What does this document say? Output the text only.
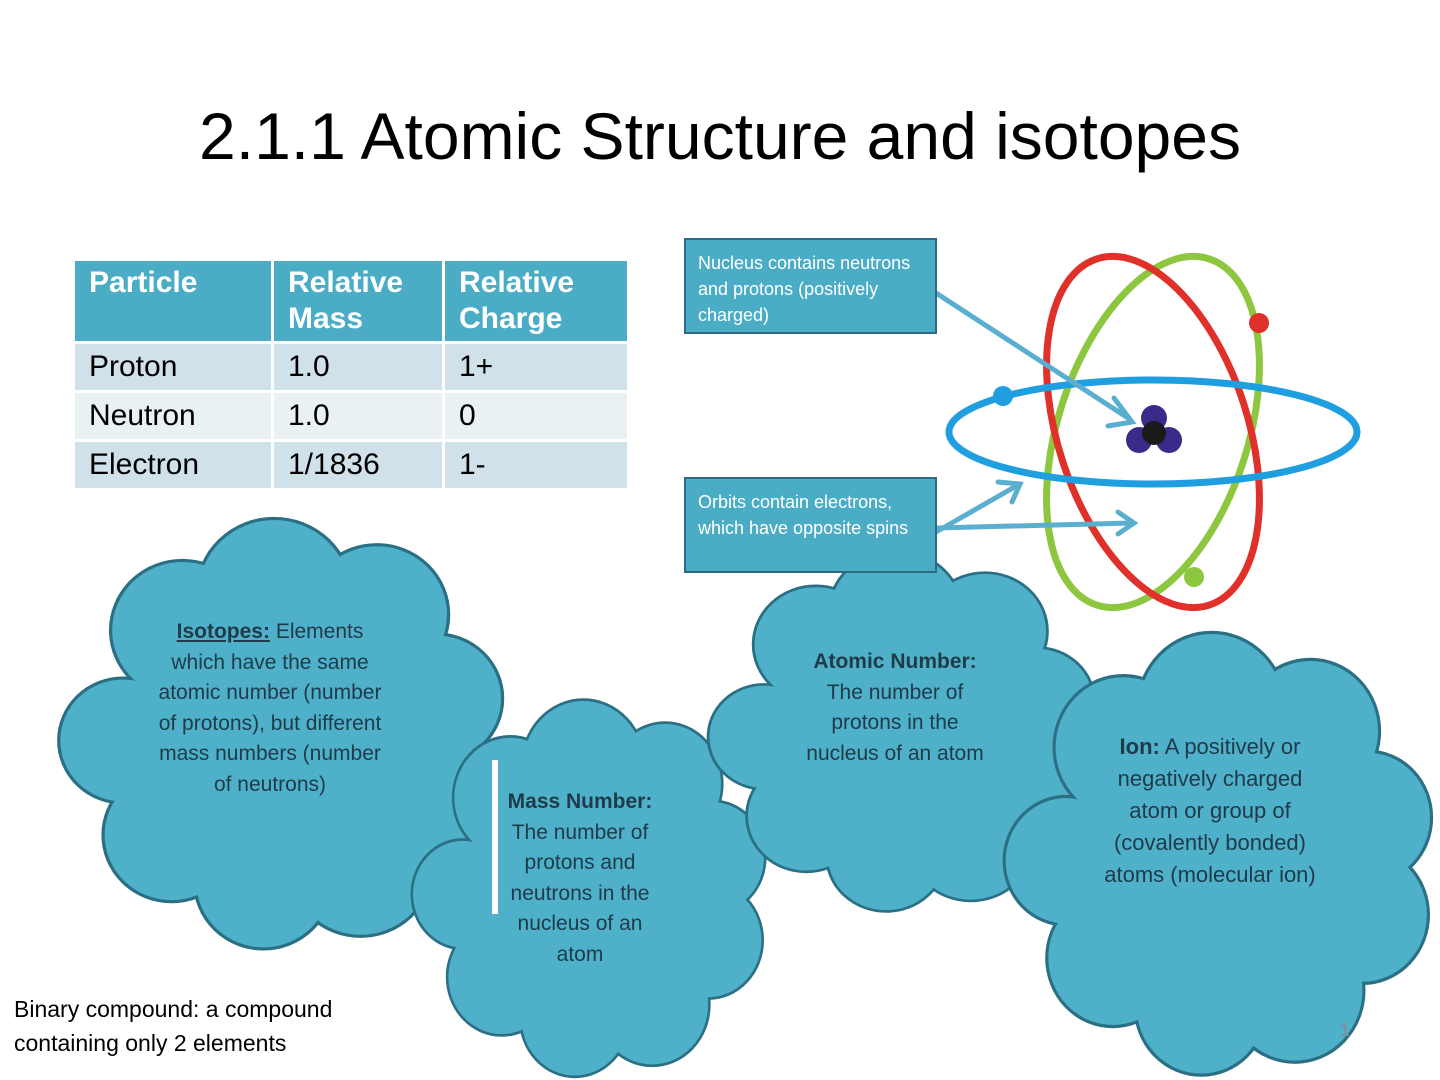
2.1.1 Atomic Structure and isotopes
Particle	Relative Mass	Relative Charge
Proton	1.0	1+
Neutron	1.0	0
Electron	1/1836	1-
Nucleus contains neutrons and protons (positively charged)
Orbits contain electrons, which have opposite spins
Isotopes: Elements which have the same atomic number (number of protons), but different mass numbers (number of neutrons)
Mass Number: The number of protons and neutrons in the nucleus of an atom
Atomic Number: The number of protons in the nucleus of an atom	Ion: A positively or negatively charged atom or group of (covalently bonded) atoms (molecular ion)
Binary compound: a compound containing only 2 elements	1
